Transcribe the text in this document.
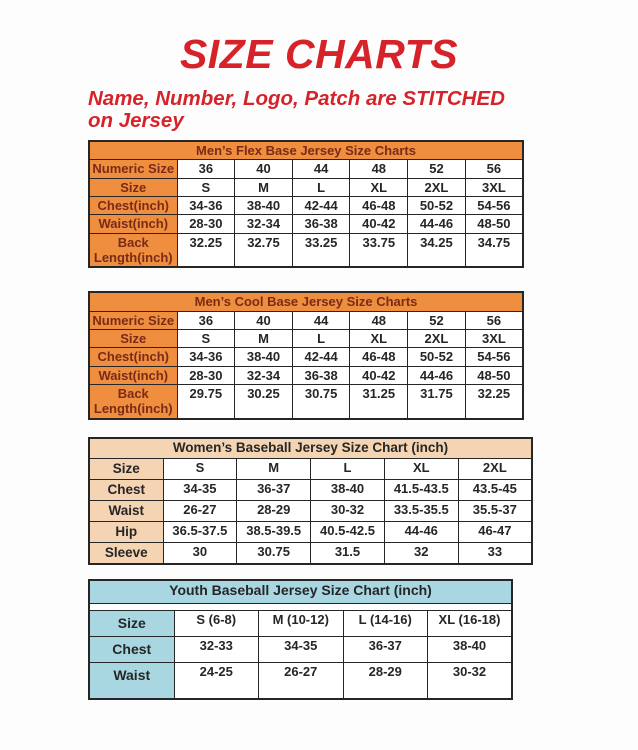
SIZE CHARTS
Name, Number, Logo, Patch are STITCHED
on Jersey
Men’s Flex Base Jersey Size Charts						
Numeric Size	36	40	44	48	52	56
Size	S	M	L	XL	2XL	3XL
Chest(inch)	34-36	38-40	42-44	46-48	50-52	54-56
Waist(inch)	28-30	32-34	36-38	40-42	44-46	48-50
Back Length(inch)	32.25	32.75	33.25	33.75	34.25	34.75
Men’s Cool Base Jersey Size Charts						
Numeric Size	36	40	44	48	52	56
Size	S	M	L	XL	2XL	3XL
Chest(inch)	34-36	38-40	42-44	46-48	50-52	54-56
Waist(inch)	28-30	32-34	36-38	40-42	44-46	48-50
Back Length(inch)	29.75	30.25	30.75	31.25	31.75	32.25
Women’s Baseball Jersey Size Chart (inch)					
Size	S	M	L	XL	2XL
Chest	34-35	36-37	38-40	41.5-43.5	43.5-45
Waist	26-27	28-29	30-32	33.5-35.5	35.5-37
Hip	36.5-37.5	38.5-39.5	40.5-42.5	44-46	46-47
Sleeve	30	30.75	31.5	32	33
Youth Baseball Jersey Size Chart (inch)				

Size	S (6-8)	M (10-12)	L (14-16)	XL (16-18)
Chest	32-33	34-35	36-37	38-40
Waist	24-25	26-27	28-29	30-32
